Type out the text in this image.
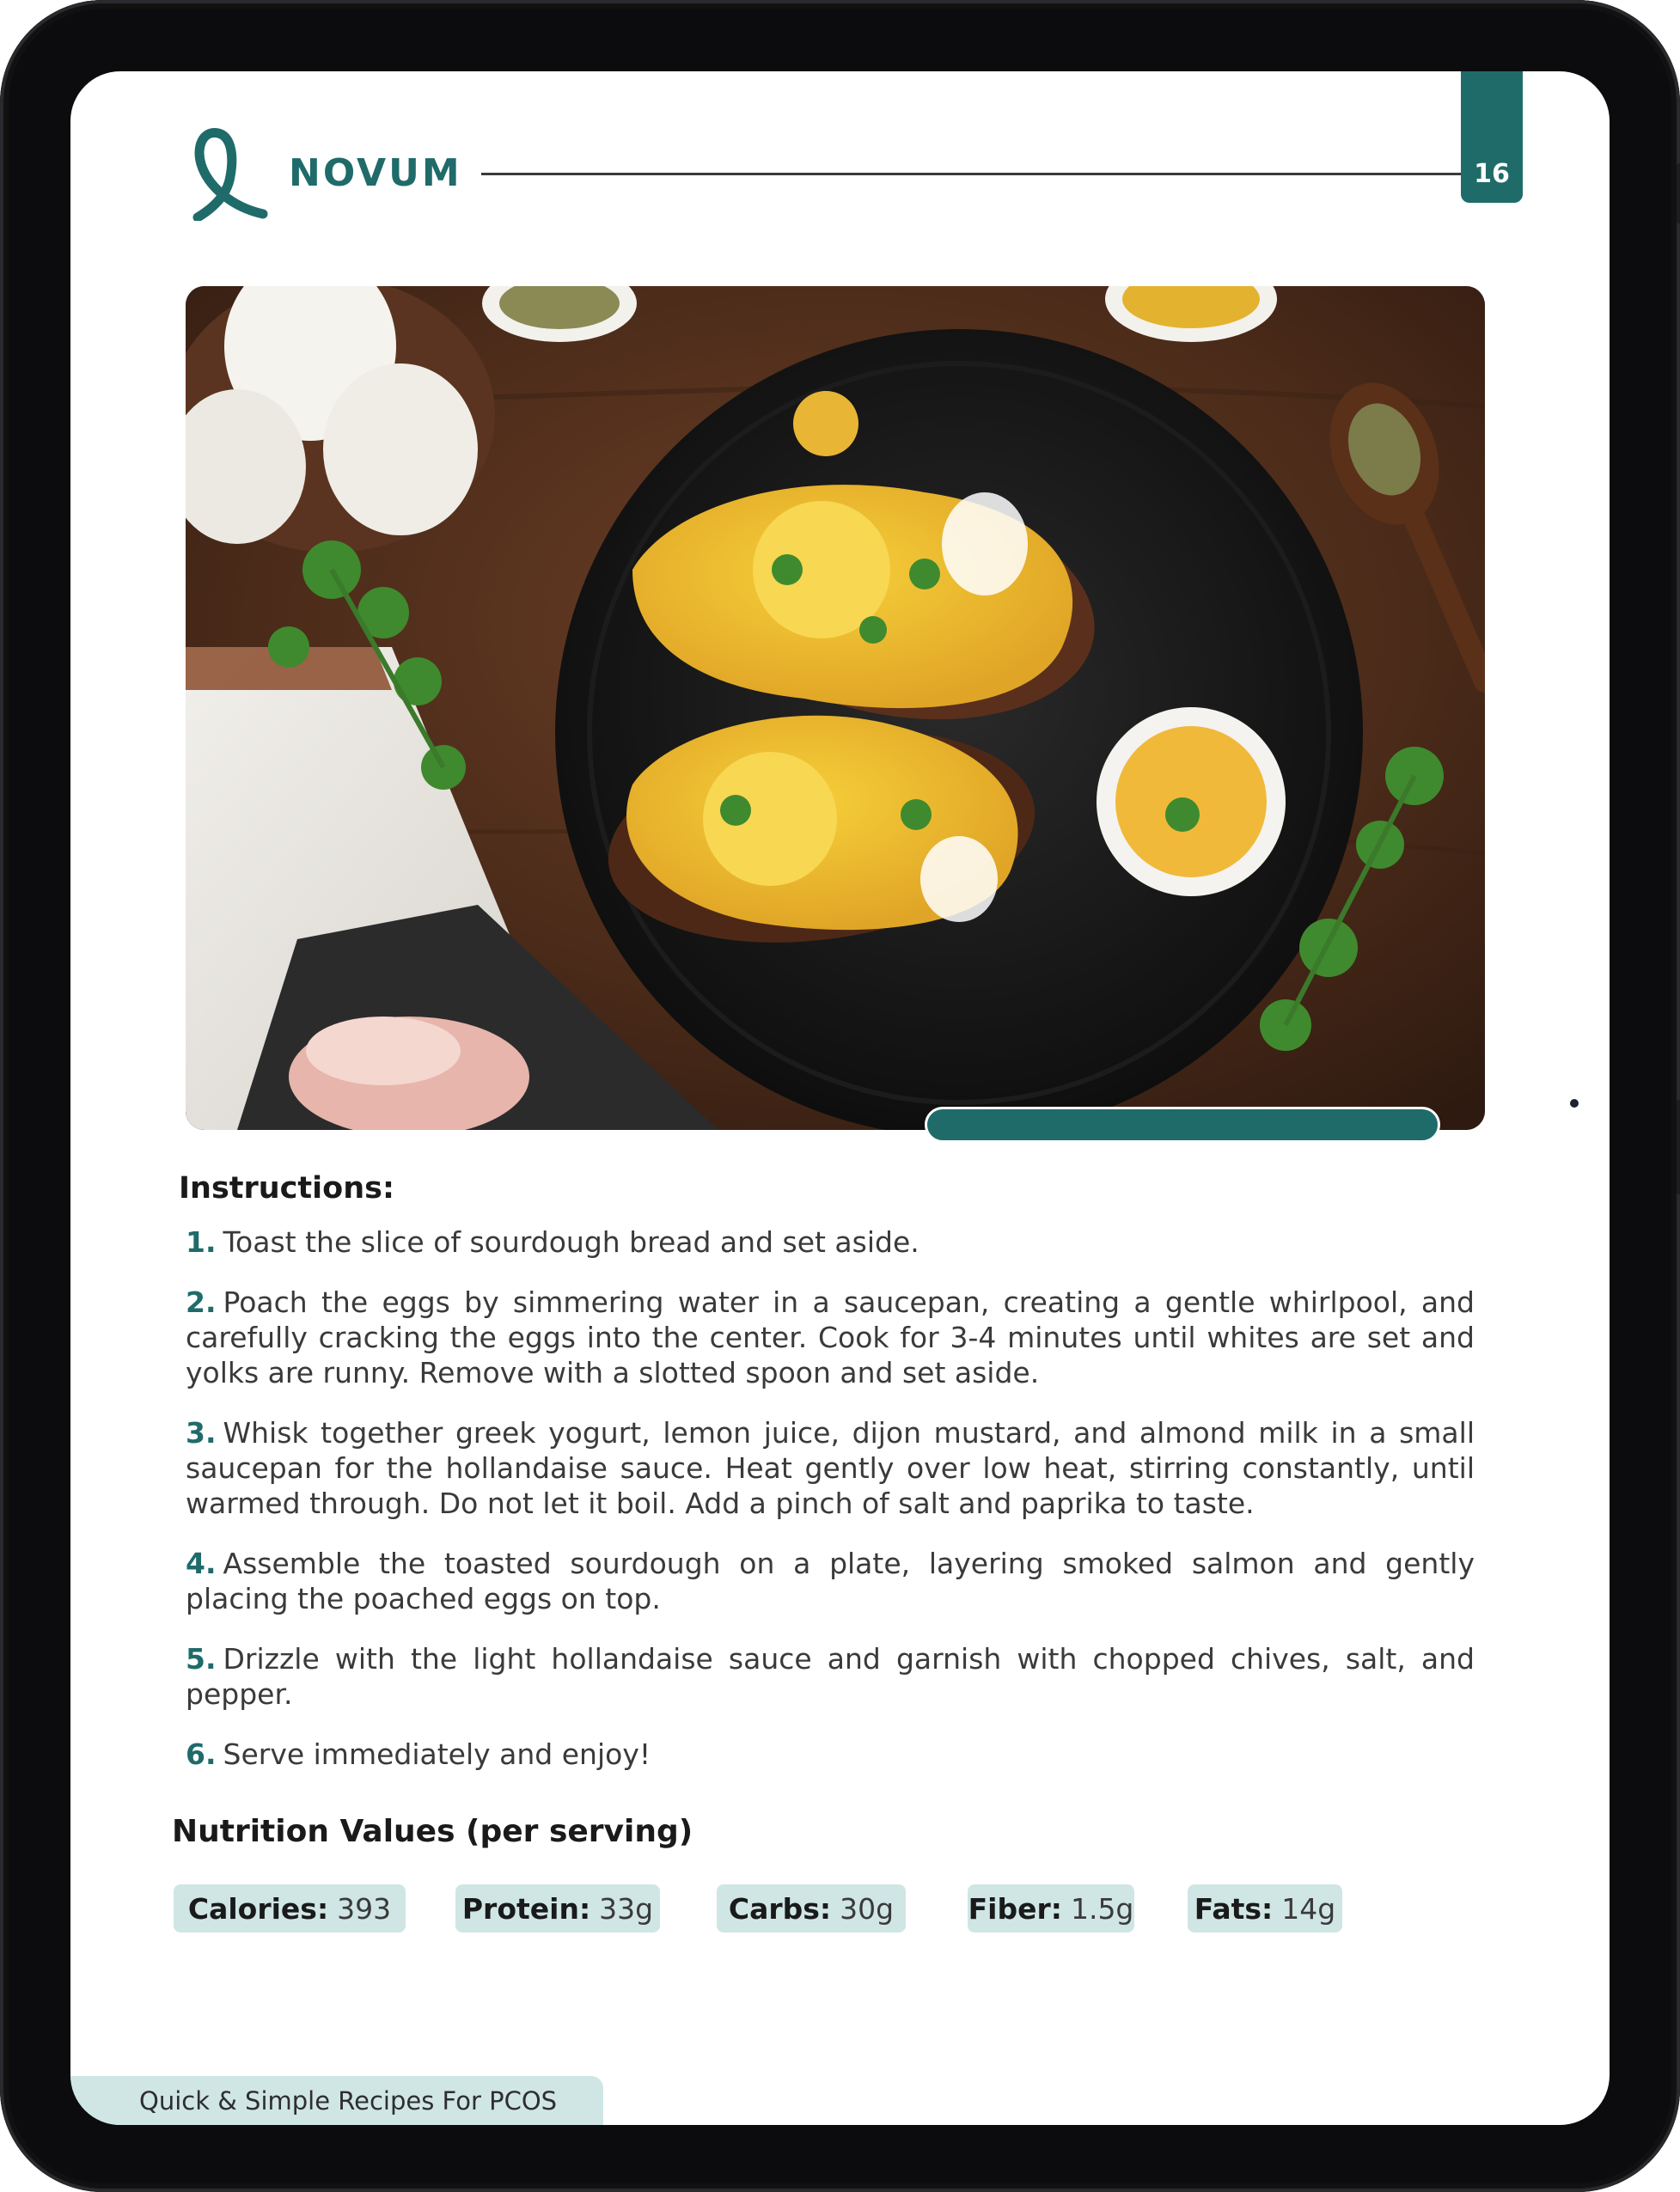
NOVUM	16
Instructions:

1. Toast the slice of sourdough bread and set aside.

2. Poach the eggs by simmering water in a saucepan, creating a gentle whirlpool, and carefully cracking the eggs into the center. Cook for 3-4 minutes until whites are set and yolks are runny. Remove with a slotted spoon and set aside.

3. Whisk together greek yogurt, lemon juice, dijon mustard, and almond milk in a small saucepan for the hollandaise sauce. Heat gently over low heat, stirring constantly, until warmed through. Do not let it boil. Add a pinch of salt and paprika to taste.

4. Assemble the toasted sourdough on a plate, layering smoked salmon and gently placing the poached eggs on top.

5. Drizzle with the light hollandaise sauce and garnish with chopped chives, salt, and pepper.

6. Serve immediately and enjoy!

Nutrition Values (per serving)
Calories: 393	Protein: 33g	Carbs: 30g	Fiber: 1.5g Fats: 14g
Quick & Simple Recipes For PCOS
